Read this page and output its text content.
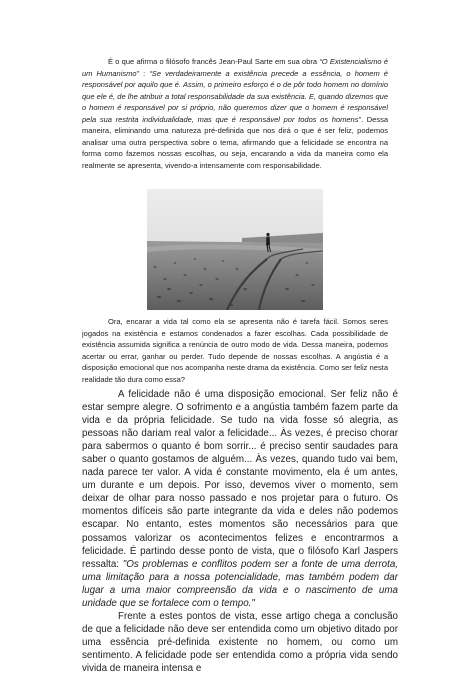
É o que afirma o filósofo francês Jean-Paul Sarte em sua obra “O Existencialismo é um Humanismo” : “Se verdadeiramente a existência precede a essência, o homem é responsável por aquilo que é. Assim, o primeiro esforço é o de pôr todo homem no domínio que ele é, de lhe atribuir a total responsabilidade da sua existência. E, quando dizemos que o homem é responsável por si próprio, não queremos dizer que o homem é responsável pela sua restrita individualidade, mas que é responsável por todos os homens”. Dessa maneira, eliminando uma natureza pré-definida que nos dirá o que é ser feliz, podemos analisar uma outra perspectiva sobre o tema, afirmando que a felicidade se encontra na forma como fazemos nossas escolhas, ou seja, encarando a vida da maneira como ela realmente se apresenta, vivendo-a intensamente com responsabilidade.

Ora, encarar a vida tal como ela se apresenta não é tarefa fácil. Somos seres jogados na existência e estamos condenados a fazer escolhas. Cada possibilidade de existência assumida significa a renúncia de outro modo de vida. Dessa maneira, podemos acertar ou errar, ganhar ou perder. Tudo depende de nossas escolhas. A angústia é a disposição emocional que nos acompanha neste drama da existência. Como ser feliz nesta realidade tão dura como essa?

A felicidade não é uma disposição emocional. Ser feliz não é estar sempre alegre. O sofrimento e a angústia também fazem parte da vida e da própria felicidade. Se tudo na vida fosse só alegria, as pessoas não dariam real valor a felicidade... Às vezes, é preciso chorar para sabermos o quanto é bom sorrir... é preciso sentir saudades para saber o quanto gostamos de alguém... Às vezes, quando tudo vai bem, nada parece ter valor. A vida é constante movimento, ela é um antes, um durante e um depois. Por isso, devemos viver o momento, sem deixar de olhar para nosso passado e nos projetar para o futuro. Os momentos difíceis são parte integrante da vida e deles não podemos escapar. No entanto, estes momentos são necessários para que possamos valorizar os acontecimentos felizes e encontrarmos a felicidade. É partindo desse ponto de vista, que o filósofo Karl Jaspers ressalta: "Os problemas e conflitos podem ser a fonte de uma derrota, uma limitação para a nossa potencialidade, mas também podem dar lugar a uma maior compreensão da vida e o nascimento de uma unidade que se fortalece com o tempo."

Frente a estes pontos de vista, esse artigo chega a conclusão de que a felicidade não deve ser entendida como um objetivo ditado por uma essência pré-definida existente no homem, ou como um sentimento. A felicidade pode ser entendida como a própria vida sendo vivida de maneira intensa e
